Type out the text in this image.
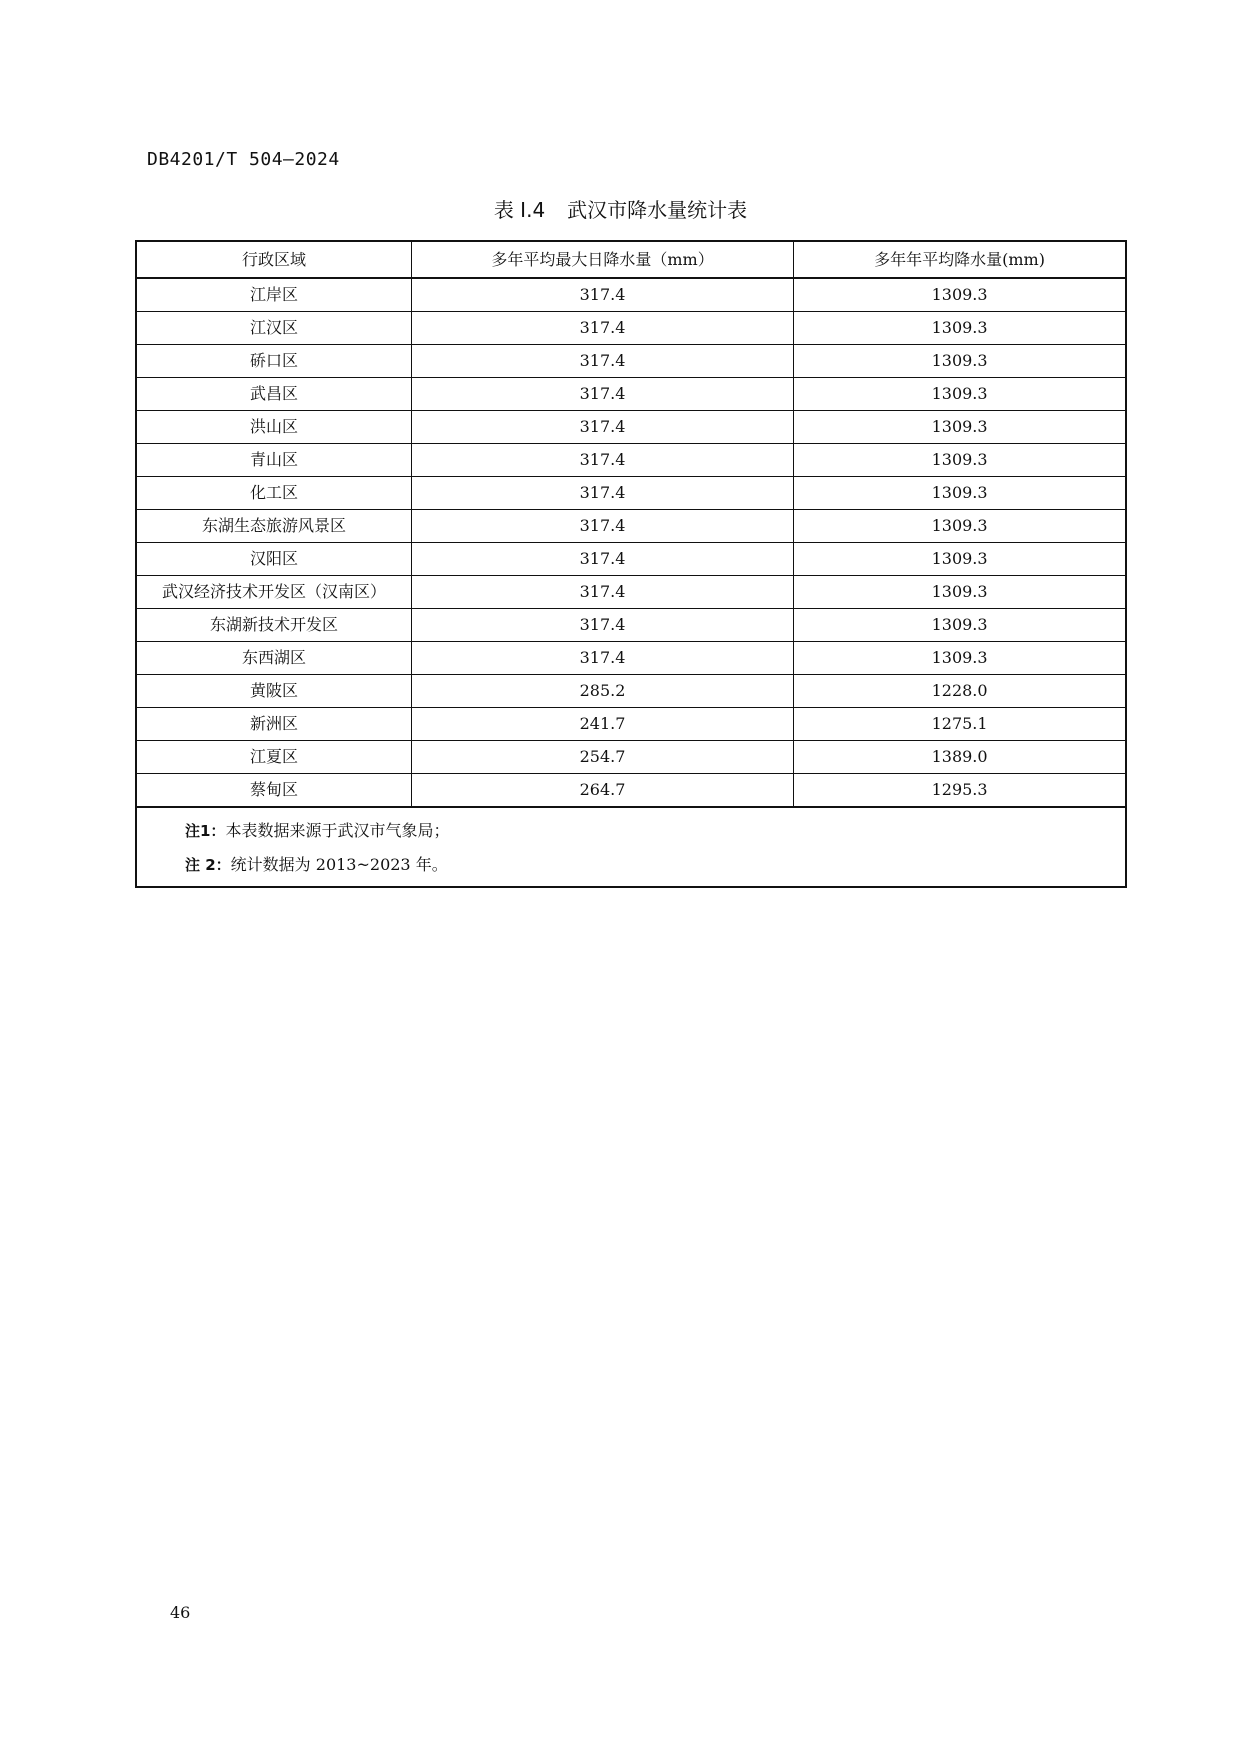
DB4201/T 504—2024
表 I.4 武汉市降水量统计表
行政区域	多年平均最大日降水量（mm）	多年年平均降水量(mm)
江岸区	317.4	1309.3
江汉区	317.4	1309.3
硚口区	317.4	1309.3
武昌区	317.4	1309.3
洪山区	317.4	1309.3
青山区	317.4	1309.3
化工区	317.4	1309.3
东湖生态旅游风景区	317.4	1309.3
汉阳区	317.4	1309.3
武汉经济技术开发区（汉南区）	317.4	1309.3
东湖新技术开发区	317.4	1309.3
东西湖区	317.4	1309.3
黄陂区	285.2	1228.0
新洲区	241.7	1275.1
江夏区	254.7	1389.0
蔡甸区	264.7	1295.3

注1：本表数据来源于武汉市气象局；
注 2：统计数据为 2013~2023 年。		
46
